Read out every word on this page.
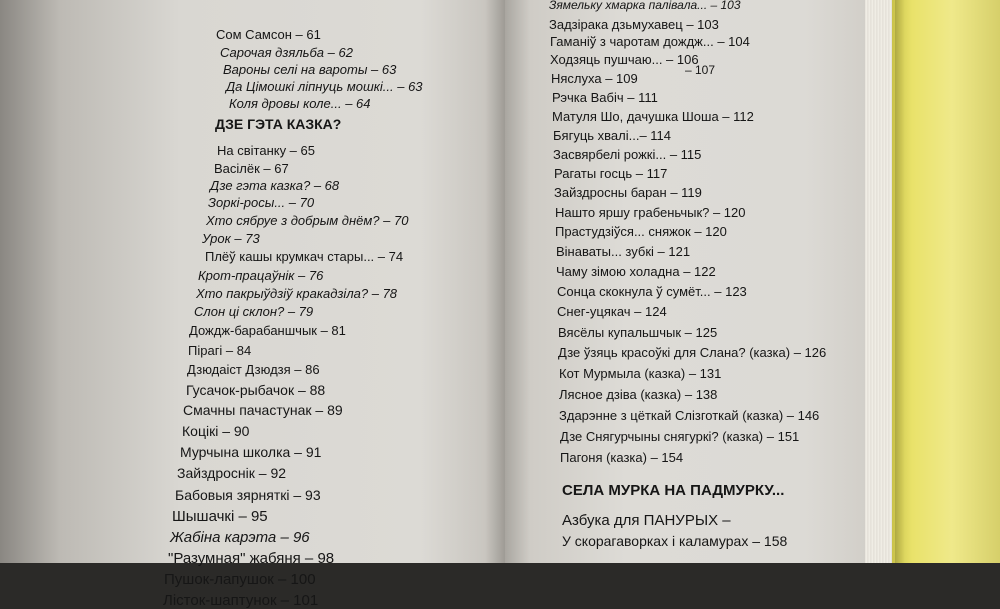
Сом Самсон – 61
Сарочая дзяльба – 62
Вароны селі на вароты – 63
Да Цімошкі ліпнуць мошкі... – 63
Коля дровы коле... – 64
ДЗЕ ГЭТА КАЗКА?
На світанку – 65
Васілёк – 67
Дзе гэта казка? – 68
Зоркі-росы... – 70
Хто сябруе з добрым днём? – 70
Урок – 73
Плёў кашы крумкач стары... – 74
Крот-працаўнік – 76
Хто пакрыўдзіў кракадзіла? – 78
Слон ці склон? – 79
Дождж-барабаншчык – 81
Пірагі – 84
Дзюдаіст Дзюдзя – 86
Гусачок-рыбачок – 88
Смачны пачастунак – 89
Коцікі – 90
Мурчына школка – 91
Зайздроснік – 92
Бабовыя зярняткі – 93
Шышачкі – 95
Жабіна карэта – 96
"Разумная" жабяня – 98
Пушок-лапушок – 100
Лісток-шаптунок – 101
Зямельку хмарка палівала... – 103
Задзірака дзьмухавец – 103
Гаманіў з чаротам дождж... – 104
Ходзяць пушчаю... – 106
– 107
Няслуха – 109
Рэчка Вабіч – 111
Матуля Шо, дачушка Шоша – 112
Бягуць хвалі...– 114
Засвярбелі рожкі... – 115
Рагаты госць – 117
Зайздросны баран – 119
Нашто яршу грабеньчык? – 120
Прастудзіўся... сняжок – 120
Вінаваты... зубкі – 121
Чаму зімою холадна – 122
Сонца скокнула ў сумёт... – 123
Снег-уцякач – 124
Вясёлы купальшчык – 125
Дзе ўзяць красоўкі для Слана? (казка) – 126
Кот Мурмыла (казка) – 131
Лясное дзіва (казка) – 138
Здарэнне з цёткай Слізготкай (казка) – 146
Дзе Снягурчыны снягуркі? (казка) – 151
Пагоня (казка) – 154
СЕЛА МУРКА НА ПАДМУРКУ...
Азбука для ПАНУРЫХ –
У скорагаворках і каламурах – 158
